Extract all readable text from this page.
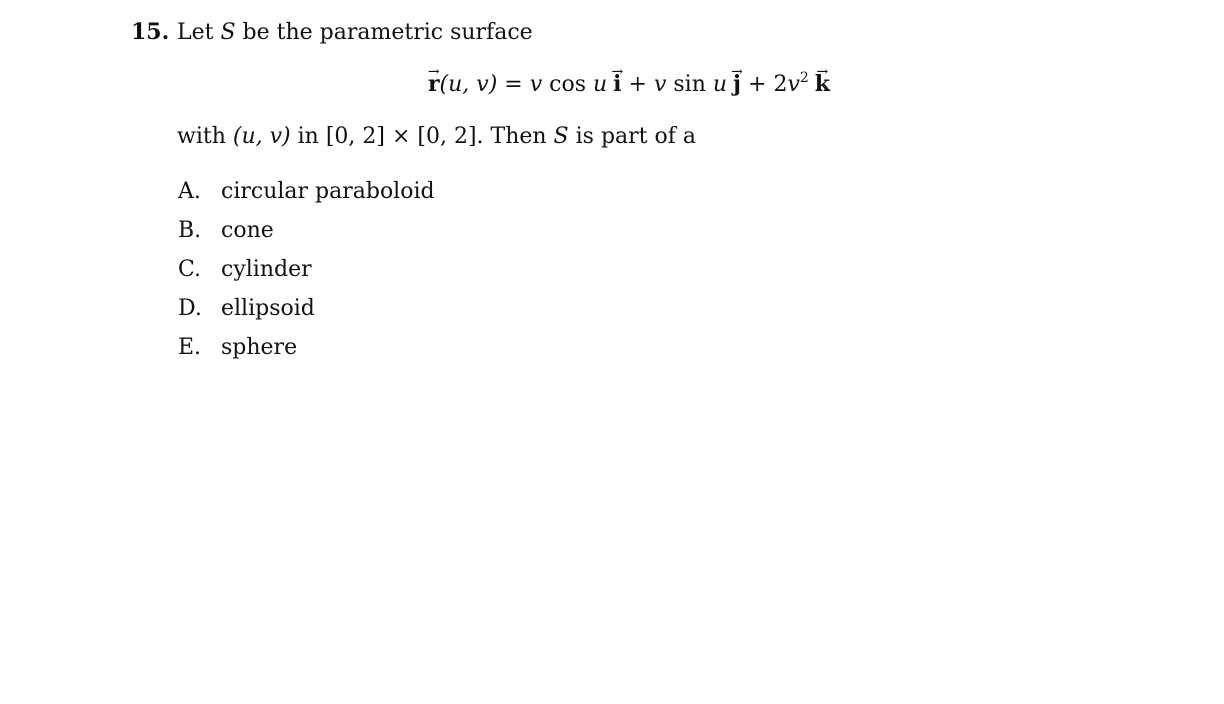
15. Let S be the parametric surface
→ r(u, v) = v cos u → i + v $\sin u \to j + 2v^2 \to k$
with (u, v) in [0, 2] × [0, 2]. Then S is part of a
A. circular paraboloid
B. cone
C. cylinder
D. ellipsoid
E. sphere
